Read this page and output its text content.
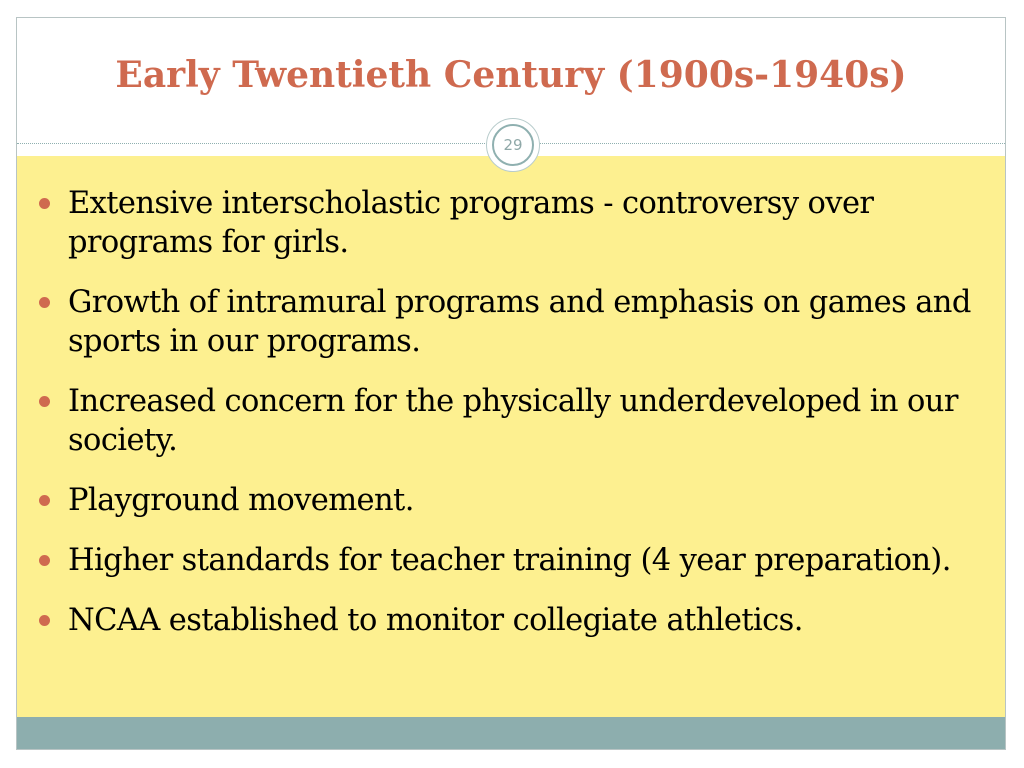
Early Twentieth Century (1900s-1940s)
29
Extensive interscholastic programs - controversy over programs for girls.
Growth of intramural programs and emphasis on games and sports in our programs.
Increased concern for the physically underdeveloped in our society.
Playground movement.
Higher standards for teacher training (4 year preparation).
NCAA established to monitor collegiate athletics.
